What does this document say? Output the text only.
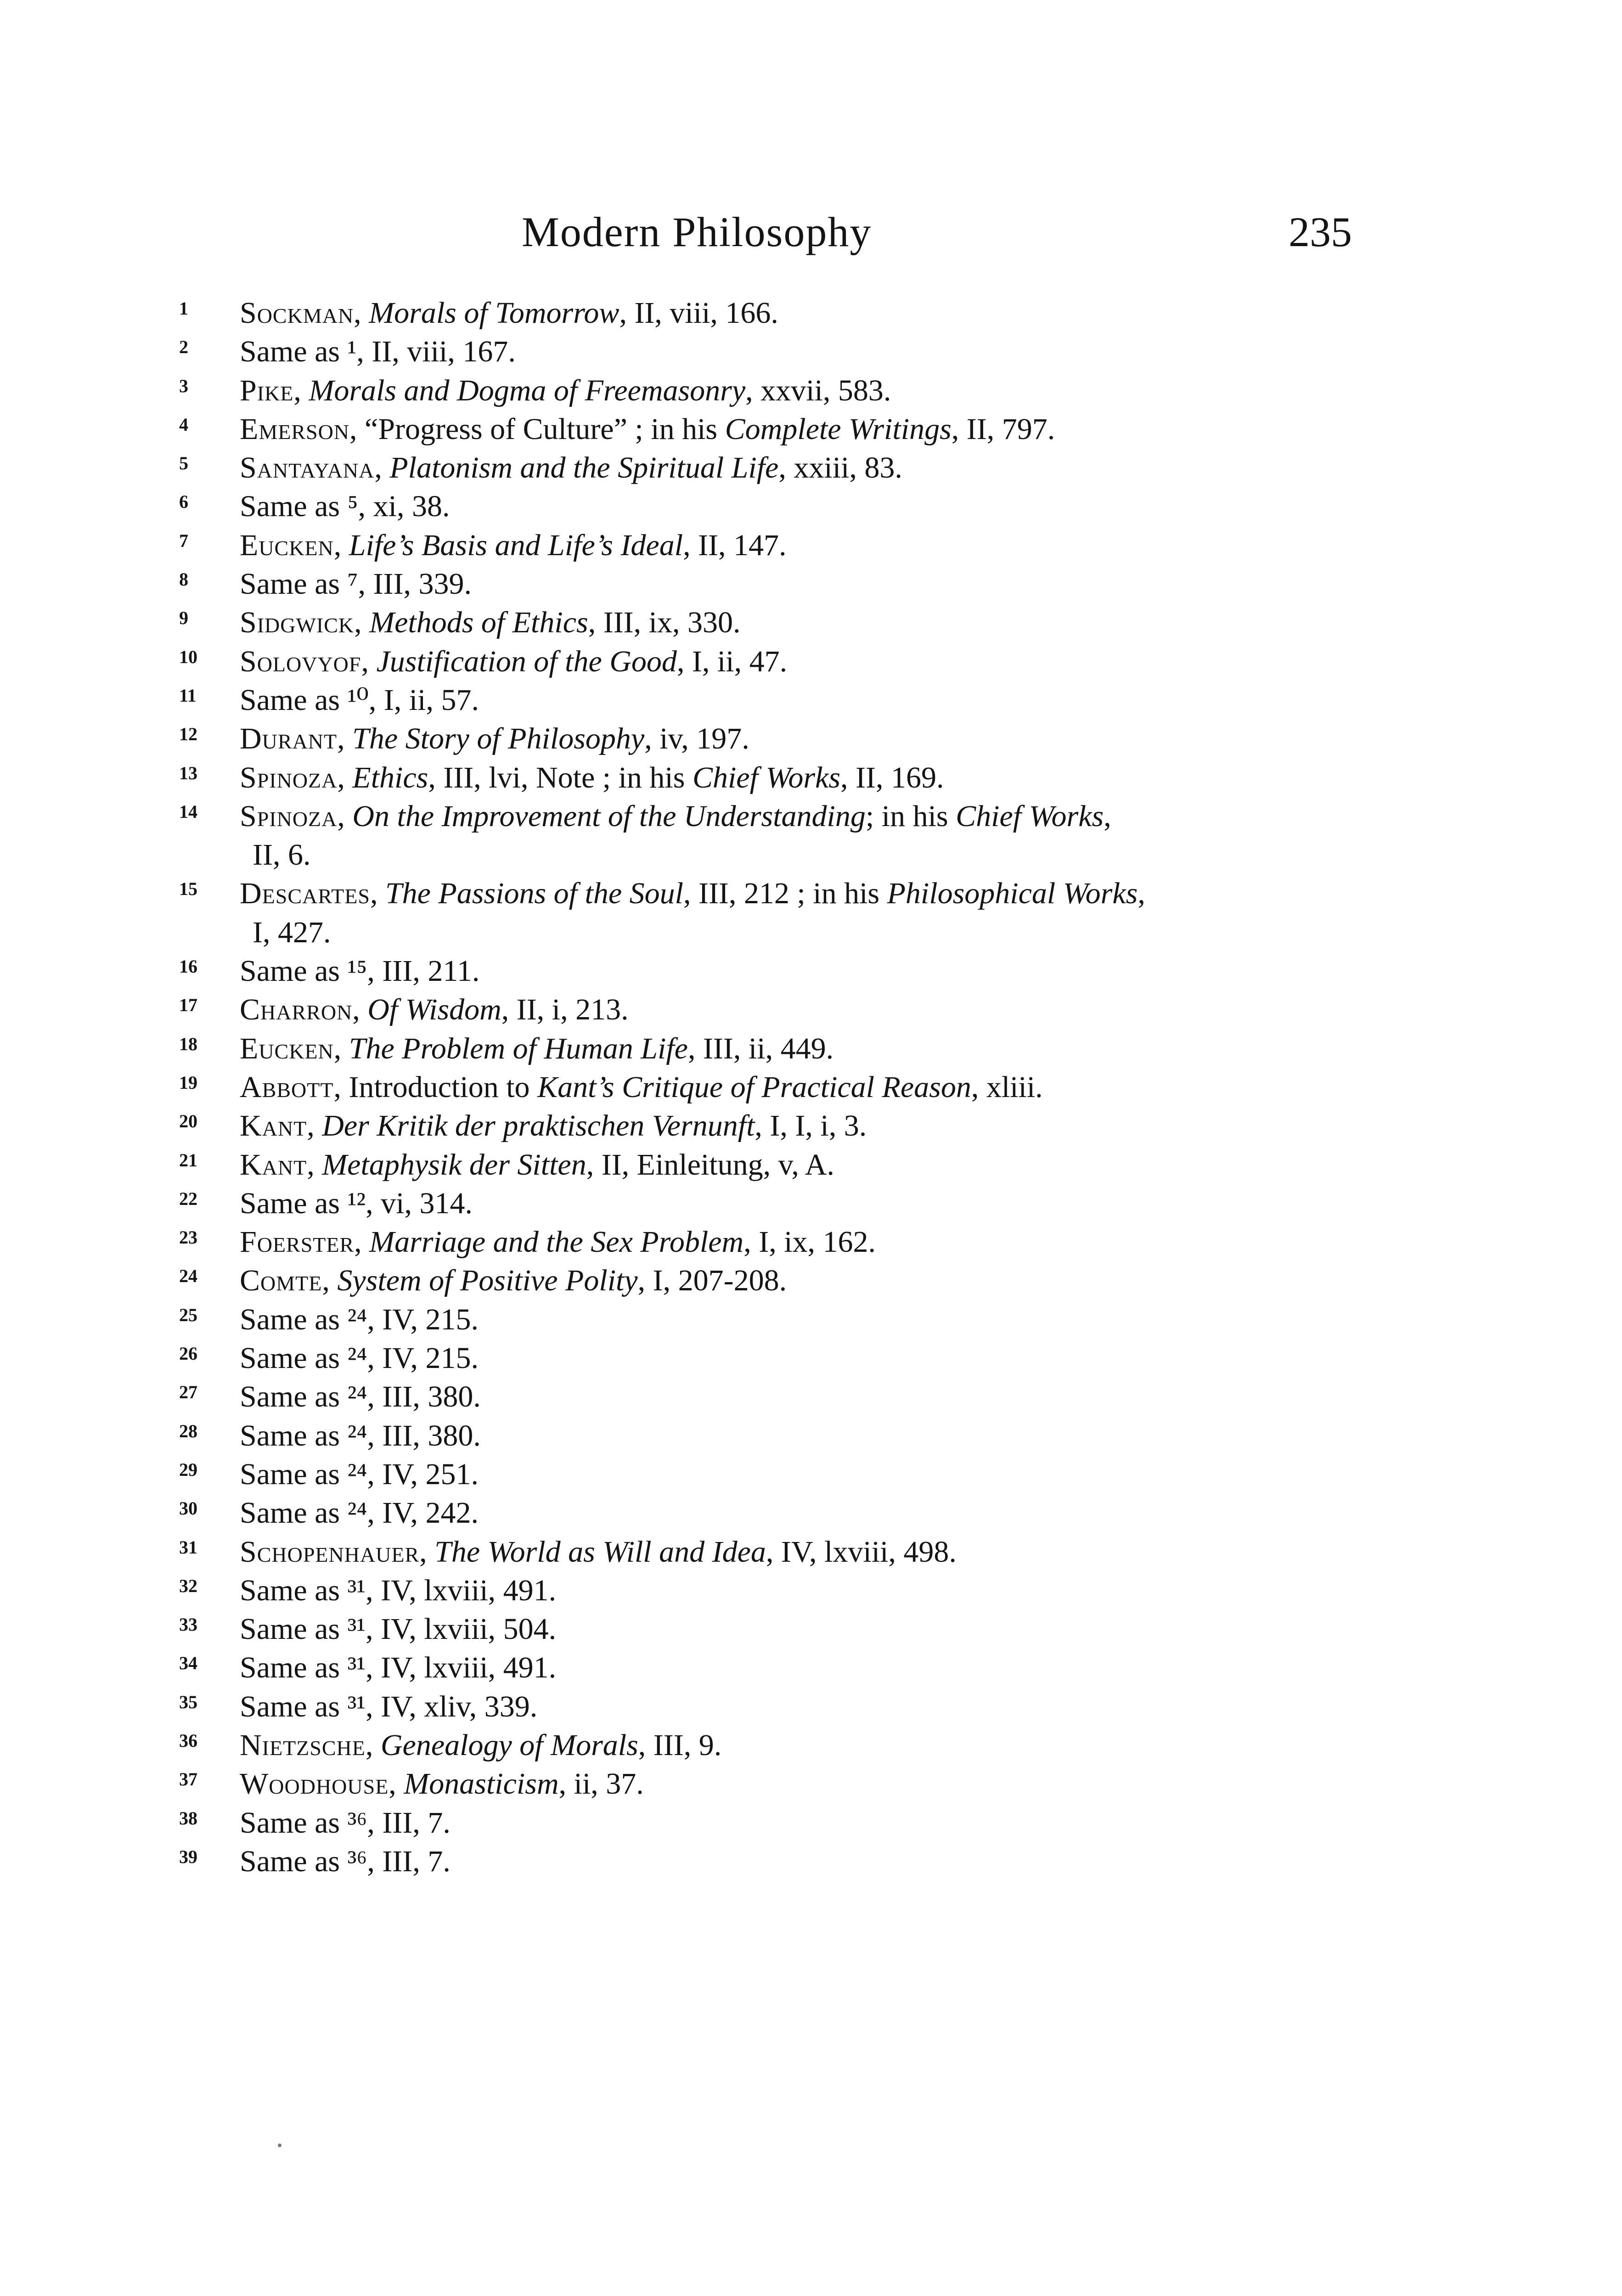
Modern Philosophy	235
1	Sockman, Morals of Tomorrow, II, viii, 166.
2	Same as ¹, II, viii, 167.
3	Pike, Morals and Dogma of Freemasonry, xxvii, 583.
4	Emerson, “Progress of Culture” ; in his Complete Writings, II, 797.
5	Santayana, Platonism and the Spiritual Life, xxiii, 83.
6	Same as ⁵, xi, 38.
7	Eucken, Life’s Basis and Life’s Ideal, II, 147.
8	Same as ⁷, III, 339.
9	Sidgwick, Methods of Ethics, III, ix, 330.
10	Solovyof, Justification of the Good, I, ii, 47.
11	Same as ¹⁰, I, ii, 57.
12	Durant, The Story of Philosophy, iv, 197.
13	Spinoza, Ethics, III, lvi, Note ; in his Chief Works, II, 169.
14	Spinoza, On the Improvement of the Understanding; in his Chief Works,
II, 6.
15	Descartes, The Passions of the Soul, III, 212 ; in his Philosophical Works,
I, 427.
16	Same as ¹⁵, III, 211.
17	Charron, Of Wisdom, II, i, 213.
18	Eucken, The Problem of Human Life, III, ii, 449.
19	Abbott, Introduction to Kant’s Critique of Practical Reason, xliii.
20	Kant, Der Kritik der praktischen Vernunft, I, I, i, 3.
21	Kant, Metaphysik der Sitten, II, Einleitung, v, A.
22	Same as ¹², vi, 314.
23	Foerster, Marriage and the Sex Problem, I, ix, 162.
24	Comte, System of Positive Polity, I, 207-208.
25	Same as ²⁴, IV, 215.
26	Same as ²⁴, IV, 215.
27	Same as ²⁴, III, 380.
28	Same as ²⁴, III, 380.
29	Same as ²⁴, IV, 251.
30	Same as ²⁴, IV, 242.
31	Schopenhauer, The World as Will and Idea, IV, lxviii, 498.
32	Same as ³¹, IV, lxviii, 491.
33	Same as ³¹, IV, lxviii, 504.
34	Same as ³¹, IV, lxviii, 491.
35	Same as ³¹, IV, xliv, 339.
36	Nietzsche, Genealogy of Morals, III, 9.
37	Woodhouse, Monasticism, ii, 37.
38	Same as ³⁶, III, 7.
39	Same as ³⁶, III, 7.
